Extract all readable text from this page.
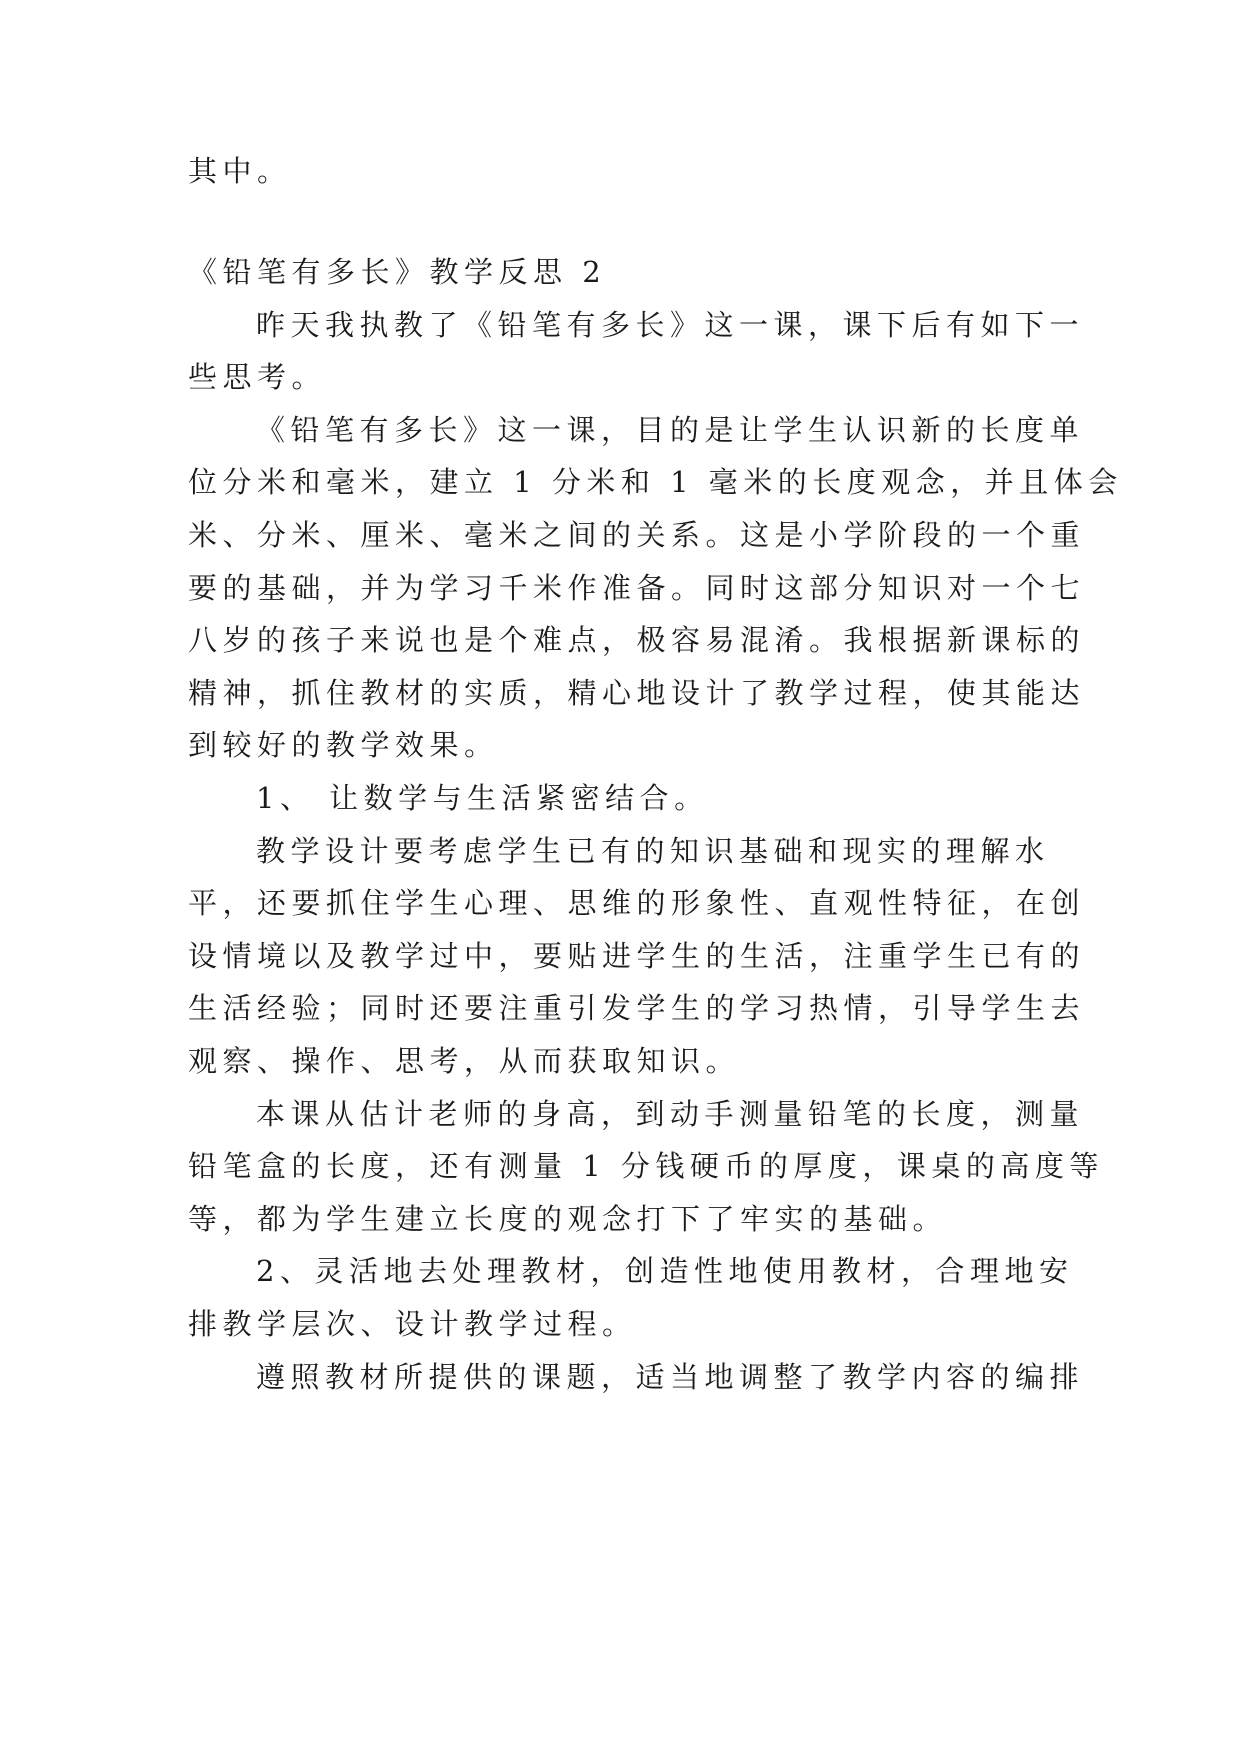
其中。
《铅笔有多长》教学反思 2
昨天我执教了《铅笔有多长》这一课，课下后有如下一
些思考。
《铅笔有多长》这一课，目的是让学生认识新的长度单
位分米和毫米，建立 1 分米和 1 毫米的长度观念，并且体会
米、分米、厘米、毫米之间的关系。这是小学阶段的一个重
要的基础，并为学习千米作准备。同时这部分知识对一个七
八岁的孩子来说也是个难点，极容易混淆。我根据新课标的
精神，抓住教材的实质，精心地设计了教学过程，使其能达
到较好的教学效果。
1、 让数学与生活紧密结合。
教学设计要考虑学生已有的知识基础和现实的理解水
平，还要抓住学生心理、思维的形象性、直观性特征，在创
设情境以及教学过中，要贴进学生的生活，注重学生已有的
生活经验；同时还要注重引发学生的学习热情，引导学生去
观察、操作、思考，从而获取知识。
本课从估计老师的身高，到动手测量铅笔的长度，测量
铅笔盒的长度，还有测量 1 分钱硬币的厚度，课桌的高度等
等，都为学生建立长度的观念打下了牢实的基础。
2、灵活地去处理教材，创造性地使用教材，合理地安
排教学层次、设计教学过程。
遵照教材所提供的课题，适当地调整了教学内容的编排
